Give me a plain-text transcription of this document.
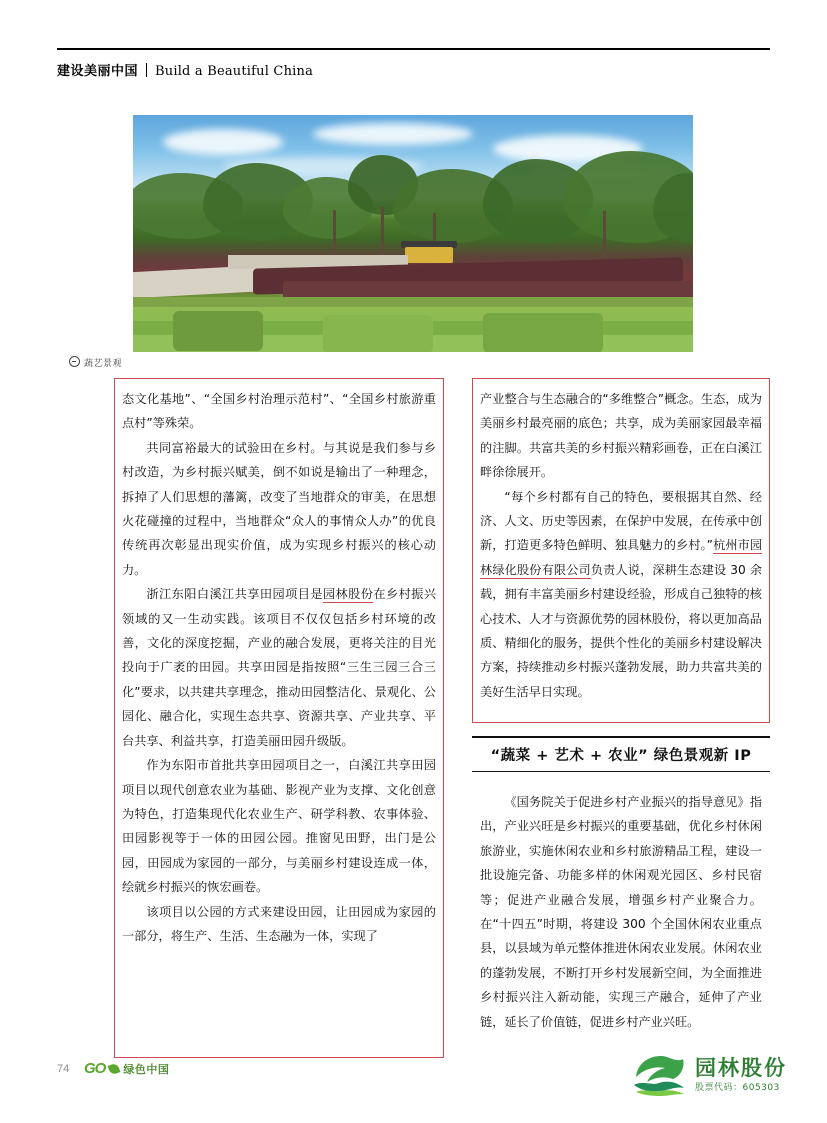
建设美丽中国 Build a Beautiful China
蔬艺景观

态文化基地”、“全国乡村治理示范村”、“全国乡村旅游重点村”等殊荣。

共同富裕最大的试验田在乡村。与其说是我们参与乡村改造，为乡村振兴赋美，倒不如说是输出了一种理念，拆掉了人们思想的藩篱，改变了当地群众的审美，在思想火花碰撞的过程中，当地群众“众人的事情众人办”的优良传统再次彰显出现实价值，成为实现乡村振兴的核心动力。

浙江东阳白溪江共享田园项目是园林股份在乡村振兴领域的又一生动实践。该项目不仅仅包括乡村环境的改善，文化的深度挖掘，产业的融合发展，更将关注的目光投向于广袤的田园。共享田园是指按照“三生三园三合三化”要求，以共建共享理念，推动田园整洁化、景观化、公园化、融合化，实现生态共享、资源共享、产业共享、平台共享、利益共享，打造美丽田园升级版。

作为东阳市首批共享田园项目之一，白溪江共享田园项目以现代创意农业为基础、影视产业为支撑、文化创意为特色，打造集现代化农业生产、研学科教、农事体验、田园影视等于一体的田园公园。推窗见田野，出门是公园，田园成为家园的一部分，与美丽乡村建设连成一体，绘就乡村振兴的恢宏画卷。

该项目以公园的方式来建设田园，让田园成为家园的一部分，将生产、生活、生态融为一体，实现了

产业整合与生态融合的“多维整合”概念。生态，成为美丽乡村最亮丽的底色；共享，成为美丽家园最幸福的注脚。共富共美的乡村振兴精彩画卷，正在白溪江畔徐徐展开。

“每个乡村都有自己的特色，要根据其自然、经济、人文、历史等因素，在保护中发展，在传承中创新，打造更多特色鲜明、独具魅力的乡村。”杭州市园林绿化股份有限公司负责人说，深耕生态建设 30 余载，拥有丰富美丽乡村建设经验，形成自己独特的核心技术、人才与资源优势的园林股份，将以更加高品质、精细化的服务，提供个性化的美丽乡村建设解决方案，持续推动乡村振兴蓬勃发展，助力共富共美的美好生活早日实现。

“蔬菜 + 艺术 + 农业” 绿色景观新 IP

《国务院关于促进乡村产业振兴的指导意见》指出，产业兴旺是乡村振兴的重要基础，优化乡村休闲旅游业，实施休闲农业和乡村旅游精品工程，建设一批设施完备、功能多样的休闲观光园区、乡村民宿等；促进产业融合发展，增强乡村产业聚合力。在“十四五”时期，将建设 300 个全国休闲农业重点县，以县域为单元整体推进休闲农业发展。休闲农业的蓬勃发展，不断打开乡村发展新空间，为全面推进乡村振兴注入新动能，实现三产融合，延伸了产业链，延长了价值链，促进乡村产业兴旺。

74 GO 绿色中国	园林股份
股票代码：605303
